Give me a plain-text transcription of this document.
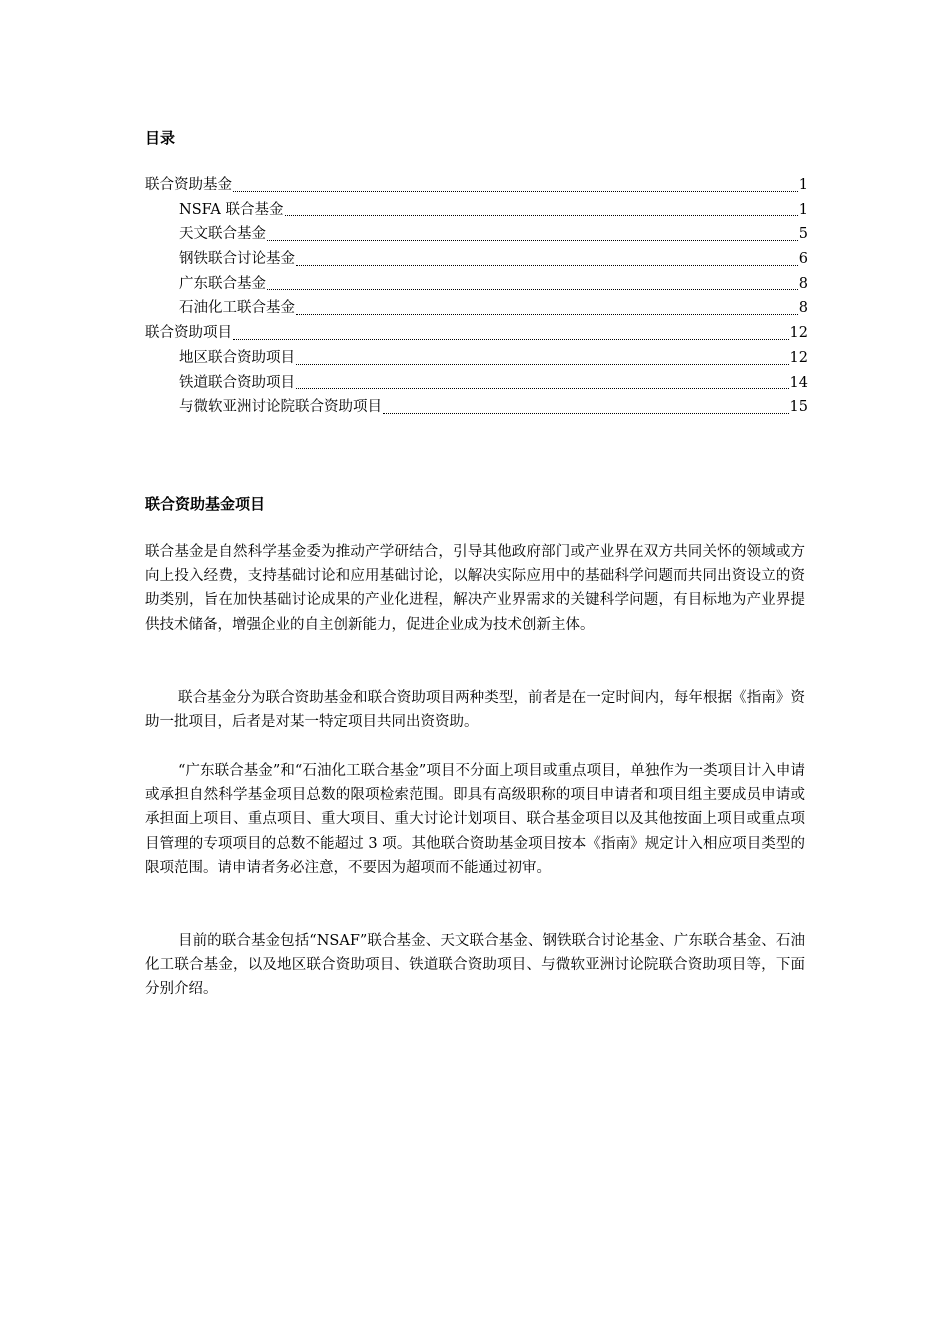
目录
联合资助基金	1
NSFA 联合基金	1
天文联合基金	5
钢铁联合讨论基金	6
广东联合基金	8
石油化工联合基金	8
联合资助项目	12
地区联合资助项目	12
铁道联合资助项目	14
与微软亚洲讨论院联合资助项目	15
联合资助基金项目

联合基金是自然科学基金委为推动产学研结合，引导其他政府部门或产业界在双方共同关怀的领域或方向上投入经费，支持基础讨论和应用基础讨论，以解决实际应用中的基础科学问题而共同出资设立的资助类别，旨在加快基础讨论成果的产业化进程，解决产业界需求的关键科学问题，有目标地为产业界提供技术储备，增强企业的自主创新能力，促进企业成为技术创新主体。

联合基金分为联合资助基金和联合资助项目两种类型，前者是在一定时间内，每年根据《指南》资助一批项目，后者是对某一特定项目共同出资资助。

“广东联合基金”和“石油化工联合基金”项目不分面上项目或重点项目，单独作为一类项目计入申请或承担自然科学基金项目总数的限项检索范围。即具有高级职称的项目申请者和项目组主要成员申请或承担面上项目、重点项目、重大项目、重大讨论计划项目、联合基金项目以及其他按面上项目或重点项目管理的专项项目的总数不能超过 3 项。其他联合资助基金项目按本《指南》规定计入相应项目类型的限项范围。请申请者务必注意，不要因为超项而不能通过初审。

目前的联合基金包括“NSAF”联合基金、天文联合基金、钢铁联合讨论基金、广东联合基金、石油化工联合基金，以及地区联合资助项目、铁道联合资助项目、与微软亚洲讨论院联合资助项目等，下面分别介绍。
